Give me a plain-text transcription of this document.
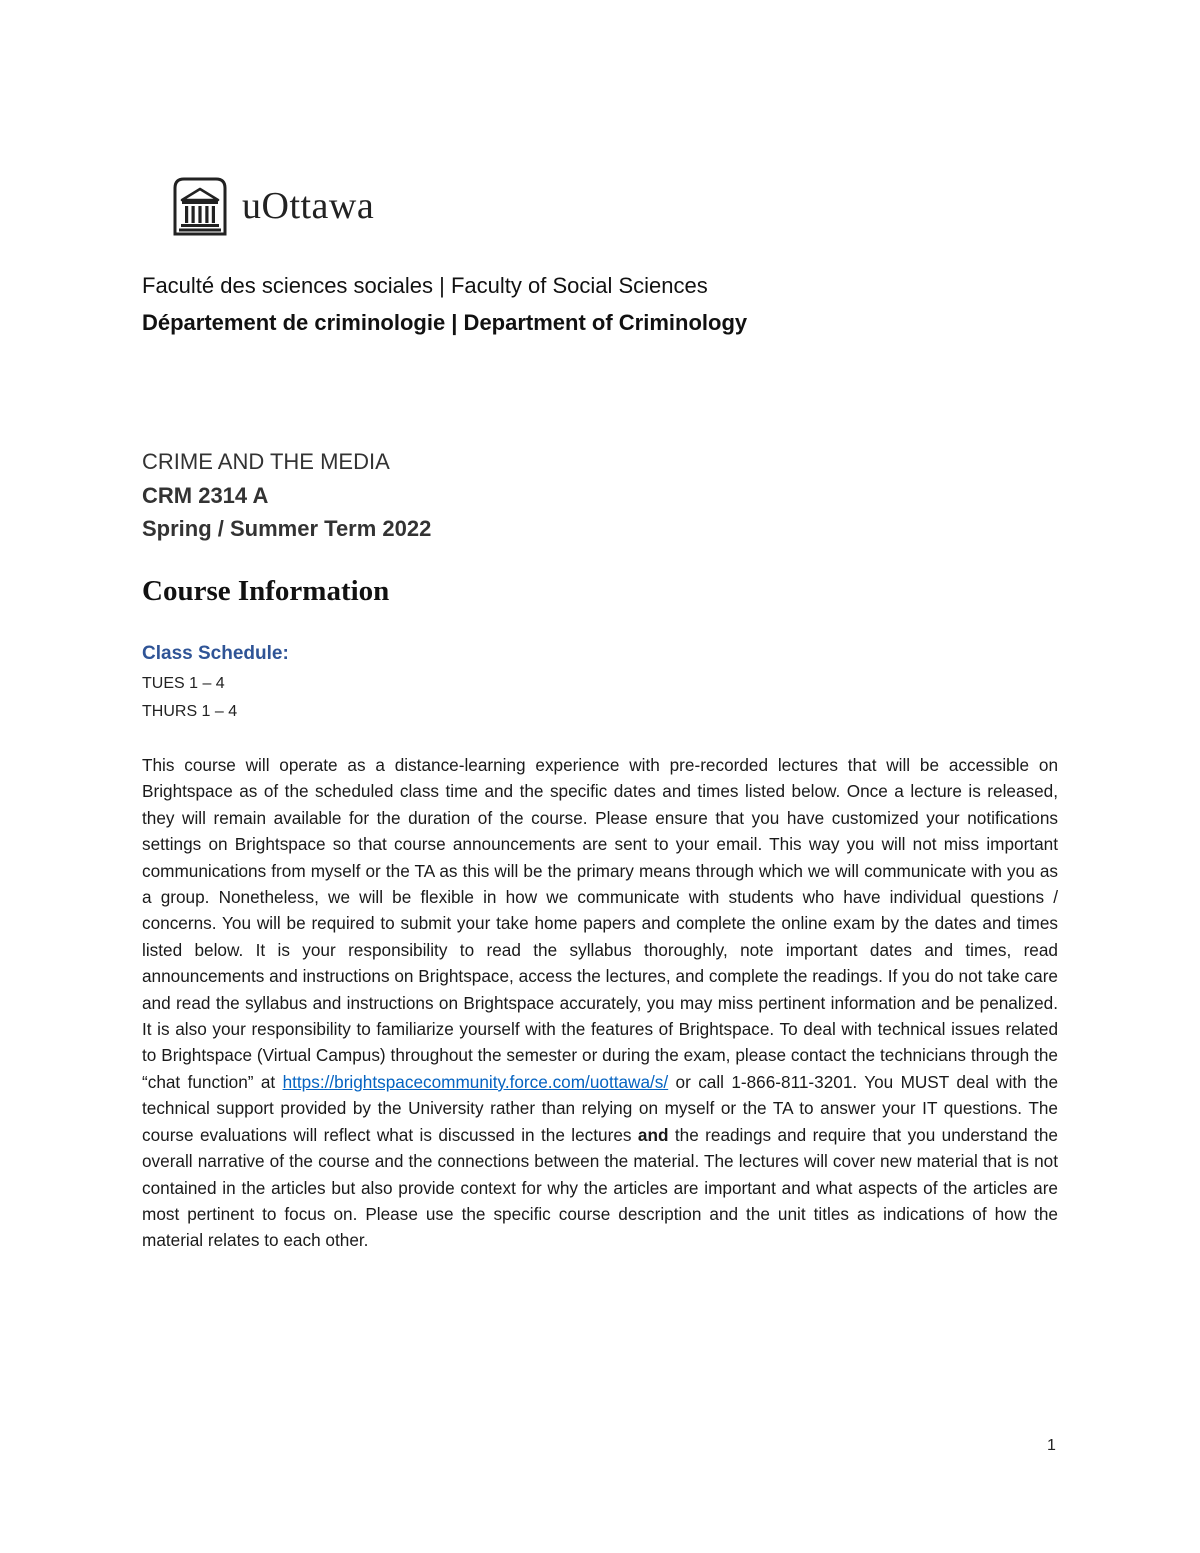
uOttawa
Faculté des sciences sociales | Faculty of Social Sciences
Département de criminologie | Department of Criminology
CRIME AND THE MEDIA
CRM 2314 A
Spring / Summer Term 2022
Course Information
Class Schedule:
TUES 1 – 4
THURS 1 – 4
This course will operate as a distance-learning experience with pre-recorded lectures that will be accessible on Brightspace as of the scheduled class time and the specific dates and times listed below. Once a lecture is released, they will remain available for the duration of the course. Please ensure that you have customized your notifications settings on Brightspace so that course announcements are sent to your email. This way you will not miss important communications from myself or the TA as this will be the primary means through which we will communicate with you as a group. Nonetheless, we will be flexible in how we communicate with students who have individual questions / concerns. You will be required to submit your take home papers and complete the online exam by the dates and times listed below. It is your responsibility to read the syllabus thoroughly, note important dates and times, read announcements and instructions on Brightspace, access the lectures, and complete the readings. If you do not take care and read the syllabus and instructions on Brightspace accurately, you may miss pertinent information and be penalized. It is also your responsibility to familiarize yourself with the features of Brightspace. To deal with technical issues related to Brightspace (Virtual Campus) throughout the semester or during the exam, please contact the technicians through the “chat function” at https://brightspacecommunity.force.com/uottawa/s/ or call 1-866-811-3201. You MUST deal with the technical support provided by the University rather than relying on myself or the TA to answer your IT questions. The course evaluations will reflect what is discussed in the lectures and the readings and require that you understand the overall narrative of the course and the connections between the material. The lectures will cover new material that is not contained in the articles but also provide context for why the articles are important and what aspects of the articles are most pertinent to focus on. Please use the specific course description and the unit titles as indications of how the material relates to each other.
1
